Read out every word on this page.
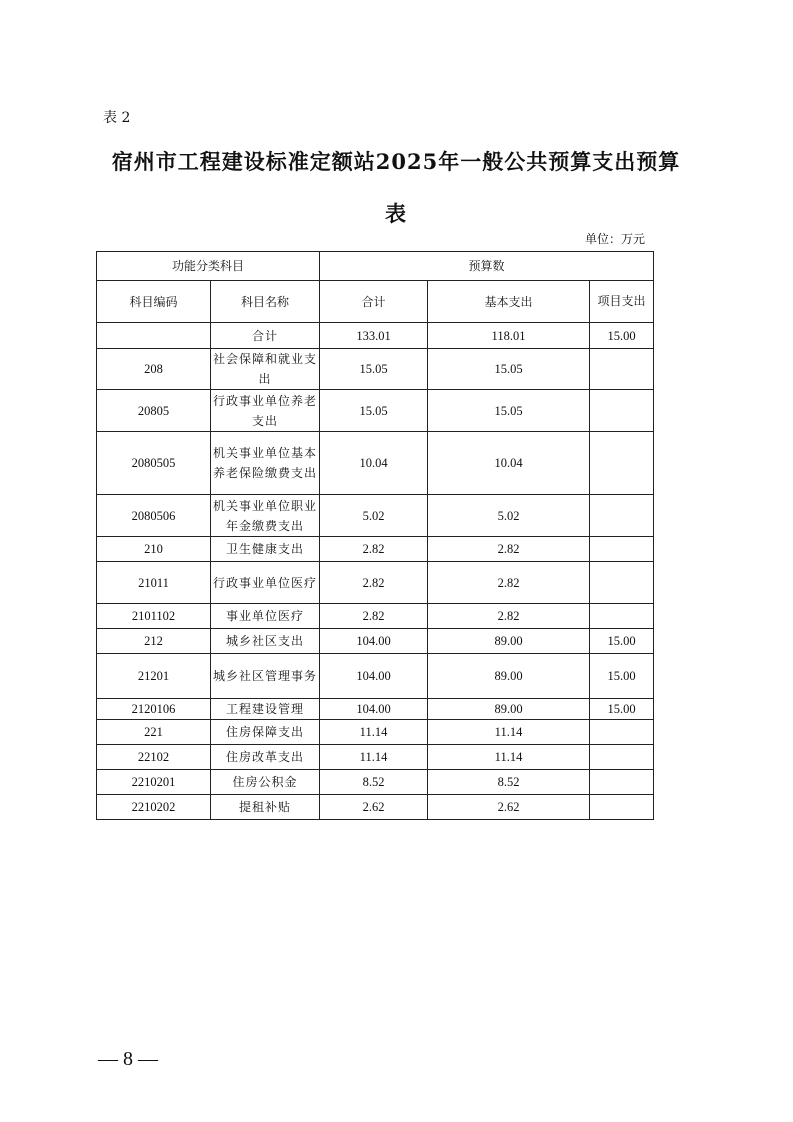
表 2
宿州市工程建设标准定额站2025年一般公共预算支出预算
表
单位：万元
功能分类科目		预算数		
科目编码	科目名称	合计	基本支出	项目支出
	合计	133.01	118.01	15.00
208	社会保障和就业支出	15.05	15.05	
20805	行政事业单位养老支出	15.05	15.05	
2080505	机关事业单位基本养老保险缴费支出	10.04	10.04	
2080506	机关事业单位职业年金缴费支出	5.02	5.02	
210	卫生健康支出	2.82	2.82	
21011	行政事业单位医疗	2.82	2.82	
2101102	事业单位医疗	2.82	2.82	
212	城乡社区支出	104.00	89.00	15.00
21201	城乡社区管理事务	104.00	89.00	15.00
2120106	工程建设管理	104.00	89.00	15.00
221	住房保障支出	11.14	11.14	
22102	住房改革支出	11.14	11.14	
2210201	住房公积金	8.52	8.52	
2210202	提租补贴	2.62	2.62	
— 8 —
